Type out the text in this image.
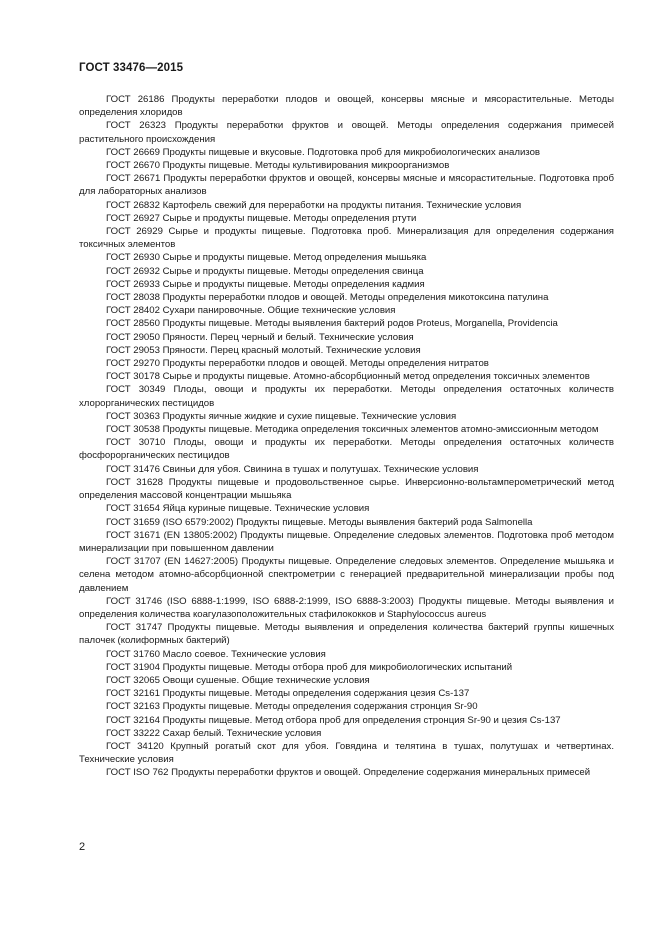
ГОСТ 33476—2015

ГОСТ 26186 Продукты переработки плодов и овощей, консервы мясные и мясорастительные. Методы определения хлоридов

ГОСТ 26323 Продукты переработки фруктов и овощей. Методы определения содержания примесей растительного происхождения

ГОСТ 26669 Продукты пищевые и вкусовые. Подготовка проб для микробиологических анализов

ГОСТ 26670 Продукты пищевые. Методы культивирования микроорганизмов

ГОСТ 26671 Продукты переработки фруктов и овощей, консервы мясные и мясорастительные. Подготовка проб для лабораторных анализов

ГОСТ 26832 Картофель свежий для переработки на продукты питания. Технические условия

ГОСТ 26927 Сырье и продукты пищевые. Методы определения ртути

ГОСТ 26929 Сырье и продукты пищевые. Подготовка проб. Минерализация для определения содержания токсичных элементов

ГОСТ 26930 Сырье и продукты пищевые. Метод определения мышьяка

ГОСТ 26932 Сырье и продукты пищевые. Методы определения свинца

ГОСТ 26933 Сырье и продукты пищевые. Методы определения кадмия

ГОСТ 28038 Продукты переработки плодов и овощей. Методы определения микотоксина патулина

ГОСТ 28402 Сухари панировочные. Общие технические условия

ГОСТ 28560 Продукты пищевые. Методы выявления бактерий родов Proteus, Morganella, Providencia

ГОСТ 29050 Пряности. Перец черный и белый. Технические условия

ГОСТ 29053 Пряности. Перец красный молотый. Технические условия

ГОСТ 29270 Продукты переработки плодов и овощей. Методы определения нитратов

ГОСТ 30178 Сырье и продукты пищевые. Атомно-абсорбционный метод определения токсичных элементов

ГОСТ 30349 Плоды, овощи и продукты их переработки. Методы определения остаточных количеств хлорорганических пестицидов

ГОСТ 30363 Продукты яичные жидкие и сухие пищевые. Технические условия

ГОСТ 30538 Продукты пищевые. Методика определения токсичных элементов атомно-эмиссионным методом

ГОСТ 30710 Плоды, овощи и продукты их переработки. Методы определения остаточных количеств фосфорорганических пестицидов

ГОСТ 31476 Свиньи для убоя. Свинина в тушах и полутушах. Технические условия

ГОСТ 31628 Продукты пищевые и продовольственное сырье. Инверсионно-вольтамперометрический метод определения массовой концентрации мышьяка

ГОСТ 31654 Яйца куриные пищевые. Технические условия

ГОСТ 31659 (ISO 6579:2002) Продукты пищевые. Методы выявления бактерий рода Salmonella

ГОСТ 31671 (EN 13805:2002) Продукты пищевые. Определение следовых элементов. Подготовка проб методом минерализации при повышенном давлении

ГОСТ 31707 (EN 14627:2005) Продукты пищевые. Определение следовых элементов. Определение мышьяка и селена методом атомно-абсорбционной спектрометрии с генерацией предварительной минерализации пробы под давлением

ГОСТ 31746 (ISO 6888-1:1999, ISO 6888-2:1999, ISO 6888-3:2003) Продукты пищевые. Методы выявления и определения количества коагулазоположительных стафилококков и Staphylococcus aureus

ГОСТ 31747 Продукты пищевые. Методы выявления и определения количества бактерий группы кишечных палочек (колиформных бактерий)

ГОСТ 31760 Масло соевое. Технические условия

ГОСТ 31904 Продукты пищевые. Методы отбора проб для микробиологических испытаний

ГОСТ 32065 Овощи сушеные. Общие технические условия

ГОСТ 32161 Продукты пищевые. Методы определения содержания цезия Cs-137

ГОСТ 32163 Продукты пищевые. Методы определения содержания стронция Sr-90

ГОСТ 32164 Продукты пищевые. Метод отбора проб для определения стронция Sr-90 и цезия Cs-137

ГОСТ 33222 Сахар белый. Технические условия

ГОСТ 34120 Крупный рогатый скот для убоя. Говядина и телятина в тушах, полутушах и четвертинах. Технические условия

ГОСТ ISO 762 Продукты переработки фруктов и овощей. Определение содержания минеральных примесей

2
